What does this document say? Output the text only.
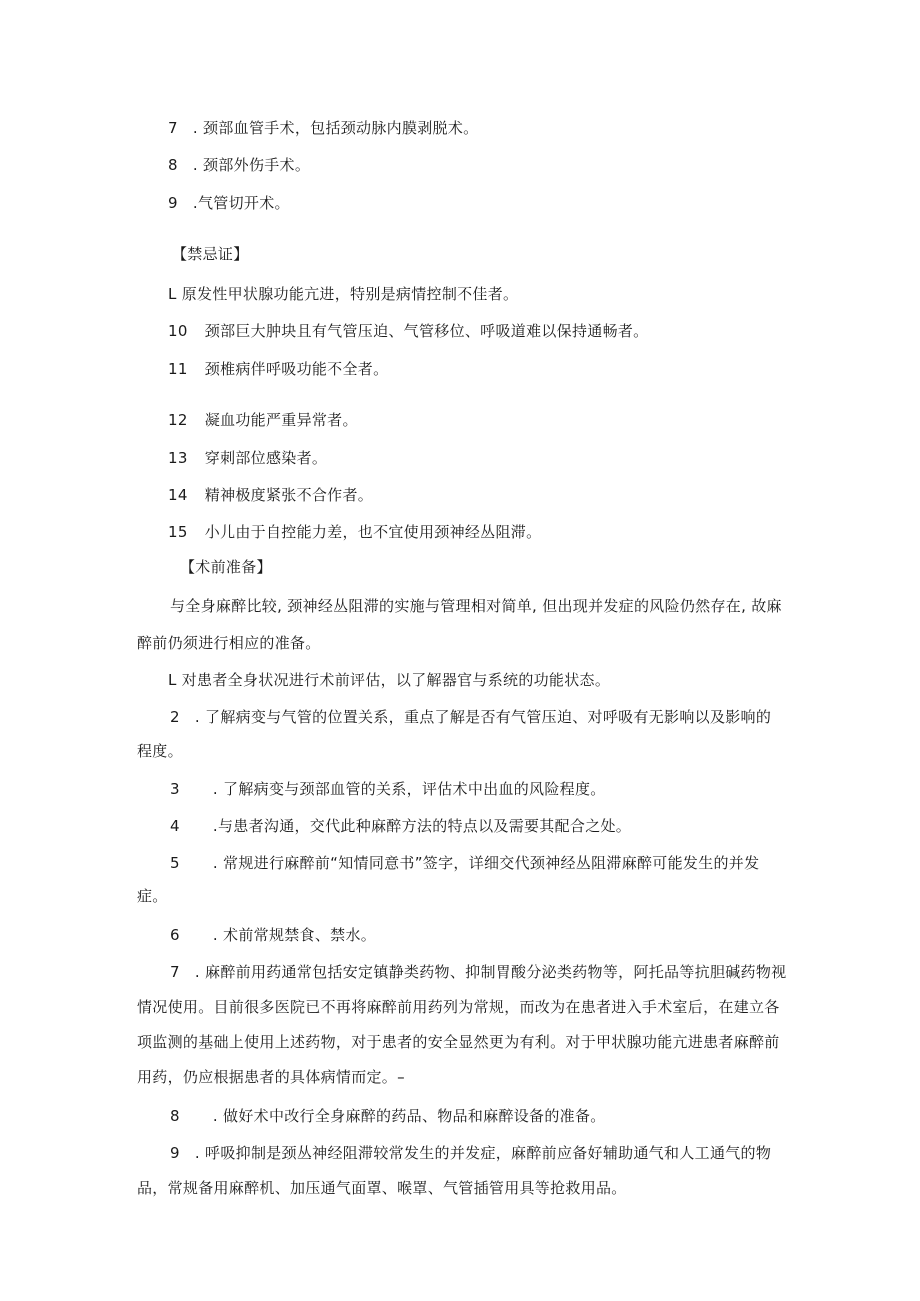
7 . 颈部血管手术，包括颈动脉内膜剥脱术。
8 . 颈部外伤手术。
9 .气管切开术。
【禁忌证】
L 原发性甲状腺功能亢进，特别是病情控制不佳者。
10 颈部巨大肿块且有气管压迫、气管移位、呼吸道难以保持通畅者。
11 颈椎病伴呼吸功能不全者。
12 凝血功能严重异常者。
13 穿刺部位感染者。
14 精神极度紧张不合作者。
15 小儿由于自控能力差，也不宜使用颈神经丛阻滞。
【术前准备】
与全身麻醉比较, 颈神经丛阻滞的实施与管理相对简单, 但出现并发症的风险仍然存在, 故麻
醉前仍须进行相应的准备。
L 对患者全身状况进行术前评估，以了解器官与系统的功能状态。
2 . 了解病变与气管的位置关系，重点了解是否有气管压迫、对呼吸有无影响以及影响的
程度。
3 . 了解病变与颈部血管的关系，评估术中出血的风险程度。
4 .与患者沟通，交代此种麻醉方法的特点以及需要其配合之处。
5 . 常规进行麻醉前“知情同意书”签字，详细交代颈神经丛阻滞麻醉可能发生的并发
症。
6 . 术前常规禁食、禁水。
7 . 麻醉前用药通常包括安定镇静类药物、抑制胃酸分泌类药物等，阿托品等抗胆碱药物视
情况使用。目前很多医院已不再将麻醉前用药列为常规，而改为在患者进入手术室后，在建立各
项监测的基础上使用上述药物，对于患者的安全显然更为有利。对于甲状腺功能亢进患者麻醉前
用药，仍应根据患者的具体病情而定。–
8 . 做好术中改行全身麻醉的药品、物品和麻醉设备的准备。
9 . 呼吸抑制是颈丛神经阻滞较常发生的并发症，麻醉前应备好辅助通气和人工通气的物
品，常规备用麻醉机、加压通气面罩、喉罩、气管插管用具等抢救用品。
